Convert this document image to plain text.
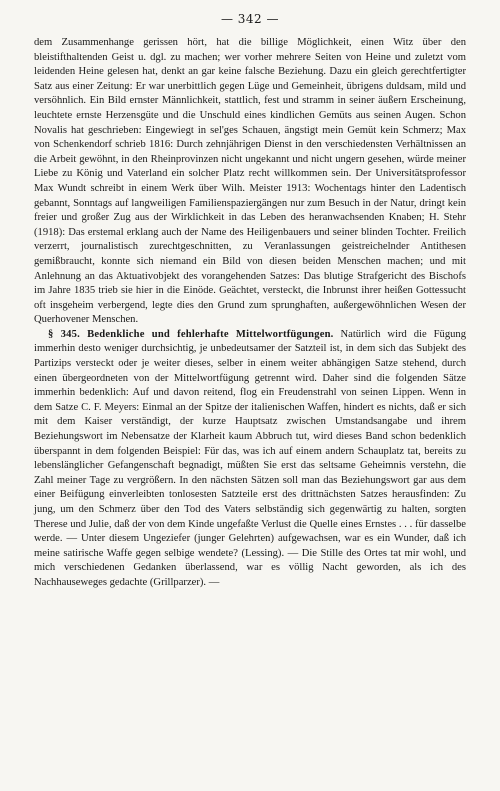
— 342 —

dem Zusammenhange gerissen hört, hat die billige Möglichkeit, einen Witz über den bleistifthaltenden Geist u. dgl. zu machen; wer vorher mehrere Seiten von Heine und zuletzt vom leidenden Heine gelesen hat, denkt an gar keine falsche Beziehung. Dazu ein gleich gerechtfertigter Satz aus einer Zeitung: Er war unerbittlich gegen Lüge und Gemeinheit, übrigens duldsam, mild und versöhnlich. Ein Bild ernster Männlichkeit, stattlich, fest und stramm in seiner äußern Erscheinung, leuchtete ernste Herzensgüte und die Unschuld eines kindlichen Gemüts aus seinen Augen. Schon Novalis hat geschrieben: Eingewiegt in sel'ges Schauen, ängstigt mein Gemüt kein Schmerz; Max von Schenkendorf schrieb 1816: Durch zehnjährigen Dienst in den verschiedensten Verhältnissen an die Arbeit gewöhnt, in den Rheinprovinzen nicht ungekannt und nicht ungern gesehen, würde meiner Liebe zu König und Vaterland ein solcher Platz recht willkommen sein. Der Universitätsprofessor Max Wundt schreibt in einem Werk über Wilh. Meister 1913: Wochentags hinter den Ladentisch gebannt, Sonntags auf langweiligen Familienspaziergängen nur zum Besuch in der Natur, dringt kein freier und großer Zug aus der Wirklichkeit in das Leben des heranwachsenden Knaben; H. Stehr (1918): Das erstemal erklang auch der Name des Heiligenbauers und seiner blinden Tochter. Freilich verzerrt, journalistisch zurechtgeschnitten, zu Veranlassungen geistreichelnder Antithesen gemißbraucht, konnte sich niemand ein Bild von diesen beiden Menschen machen; und mit Anlehnung an das Aktuativobjekt des vorangehenden Satzes: Das blutige Strafgericht des Bischofs im Jahre 1835 trieb sie hier in die Einöde. Geächtet, versteckt, die Inbrunst ihrer heißen Gottessucht oft insgeheim verbergend, legte dies den Grund zum sprunghaften, außergewöhnlichen Wesen der Querhovener Menschen.

§ 345. Bedenkliche und fehlerhafte Mittelwortfügungen. Natürlich wird die Fügung immerhin desto weniger durchsichtig, je unbedeutsamer der Satzteil ist, in dem sich das Subjekt des Partizips versteckt oder je weiter dieses, selber in einem weiter abhängigen Satze stehend, durch einen übergeordneten von der Mittelwortfügung getrennt wird. Daher sind die folgenden Sätze immerhin bedenklich: Auf und davon reitend, flog ein Freudenstrahl von seinen Lippen. Wenn in dem Satze C. F. Meyers: Einmal an der Spitze der italienischen Waffen, hindert es nichts, daß er sich mit dem Kaiser verständigt, der kurze Hauptsatz zwischen Umstandsangabe und ihrem Beziehungswort im Nebensatze der Klarheit kaum Abbruch tut, wird dieses Band schon bedenklich überspannt in dem folgenden Beispiel: Für das, was ich auf einem andern Schauplatz tat, bereits zu lebenslänglicher Gefangenschaft begnadigt, müßten Sie erst das seltsame Geheimnis verstehn, die Zahl meiner Tage zu vergrößern. In den nächsten Sätzen soll man das Beziehungswort gar aus dem einer Beifügung einverleibten tonlosesten Satzteile erst des drittnächsten Satzes herausfinden: Zu jung, um den Schmerz über den Tod des Vaters selbständig sich gegenwärtig zu halten, sorgten Therese und Julie, daß der von dem Kinde ungefaßte Verlust die Quelle eines Ernstes . . . für dasselbe werde. — Unter diesem Ungeziefer (junger Gelehrten) aufgewachsen, war es ein Wunder, daß ich meine satirische Waffe gegen selbige wendete? (Lessing). — Die Stille des Ortes tat mir wohl, und mich verschiedenen Gedanken überlassend, war es völlig Nacht geworden, als ich des Nachhauseweges gedachte (Grillparzer). —
